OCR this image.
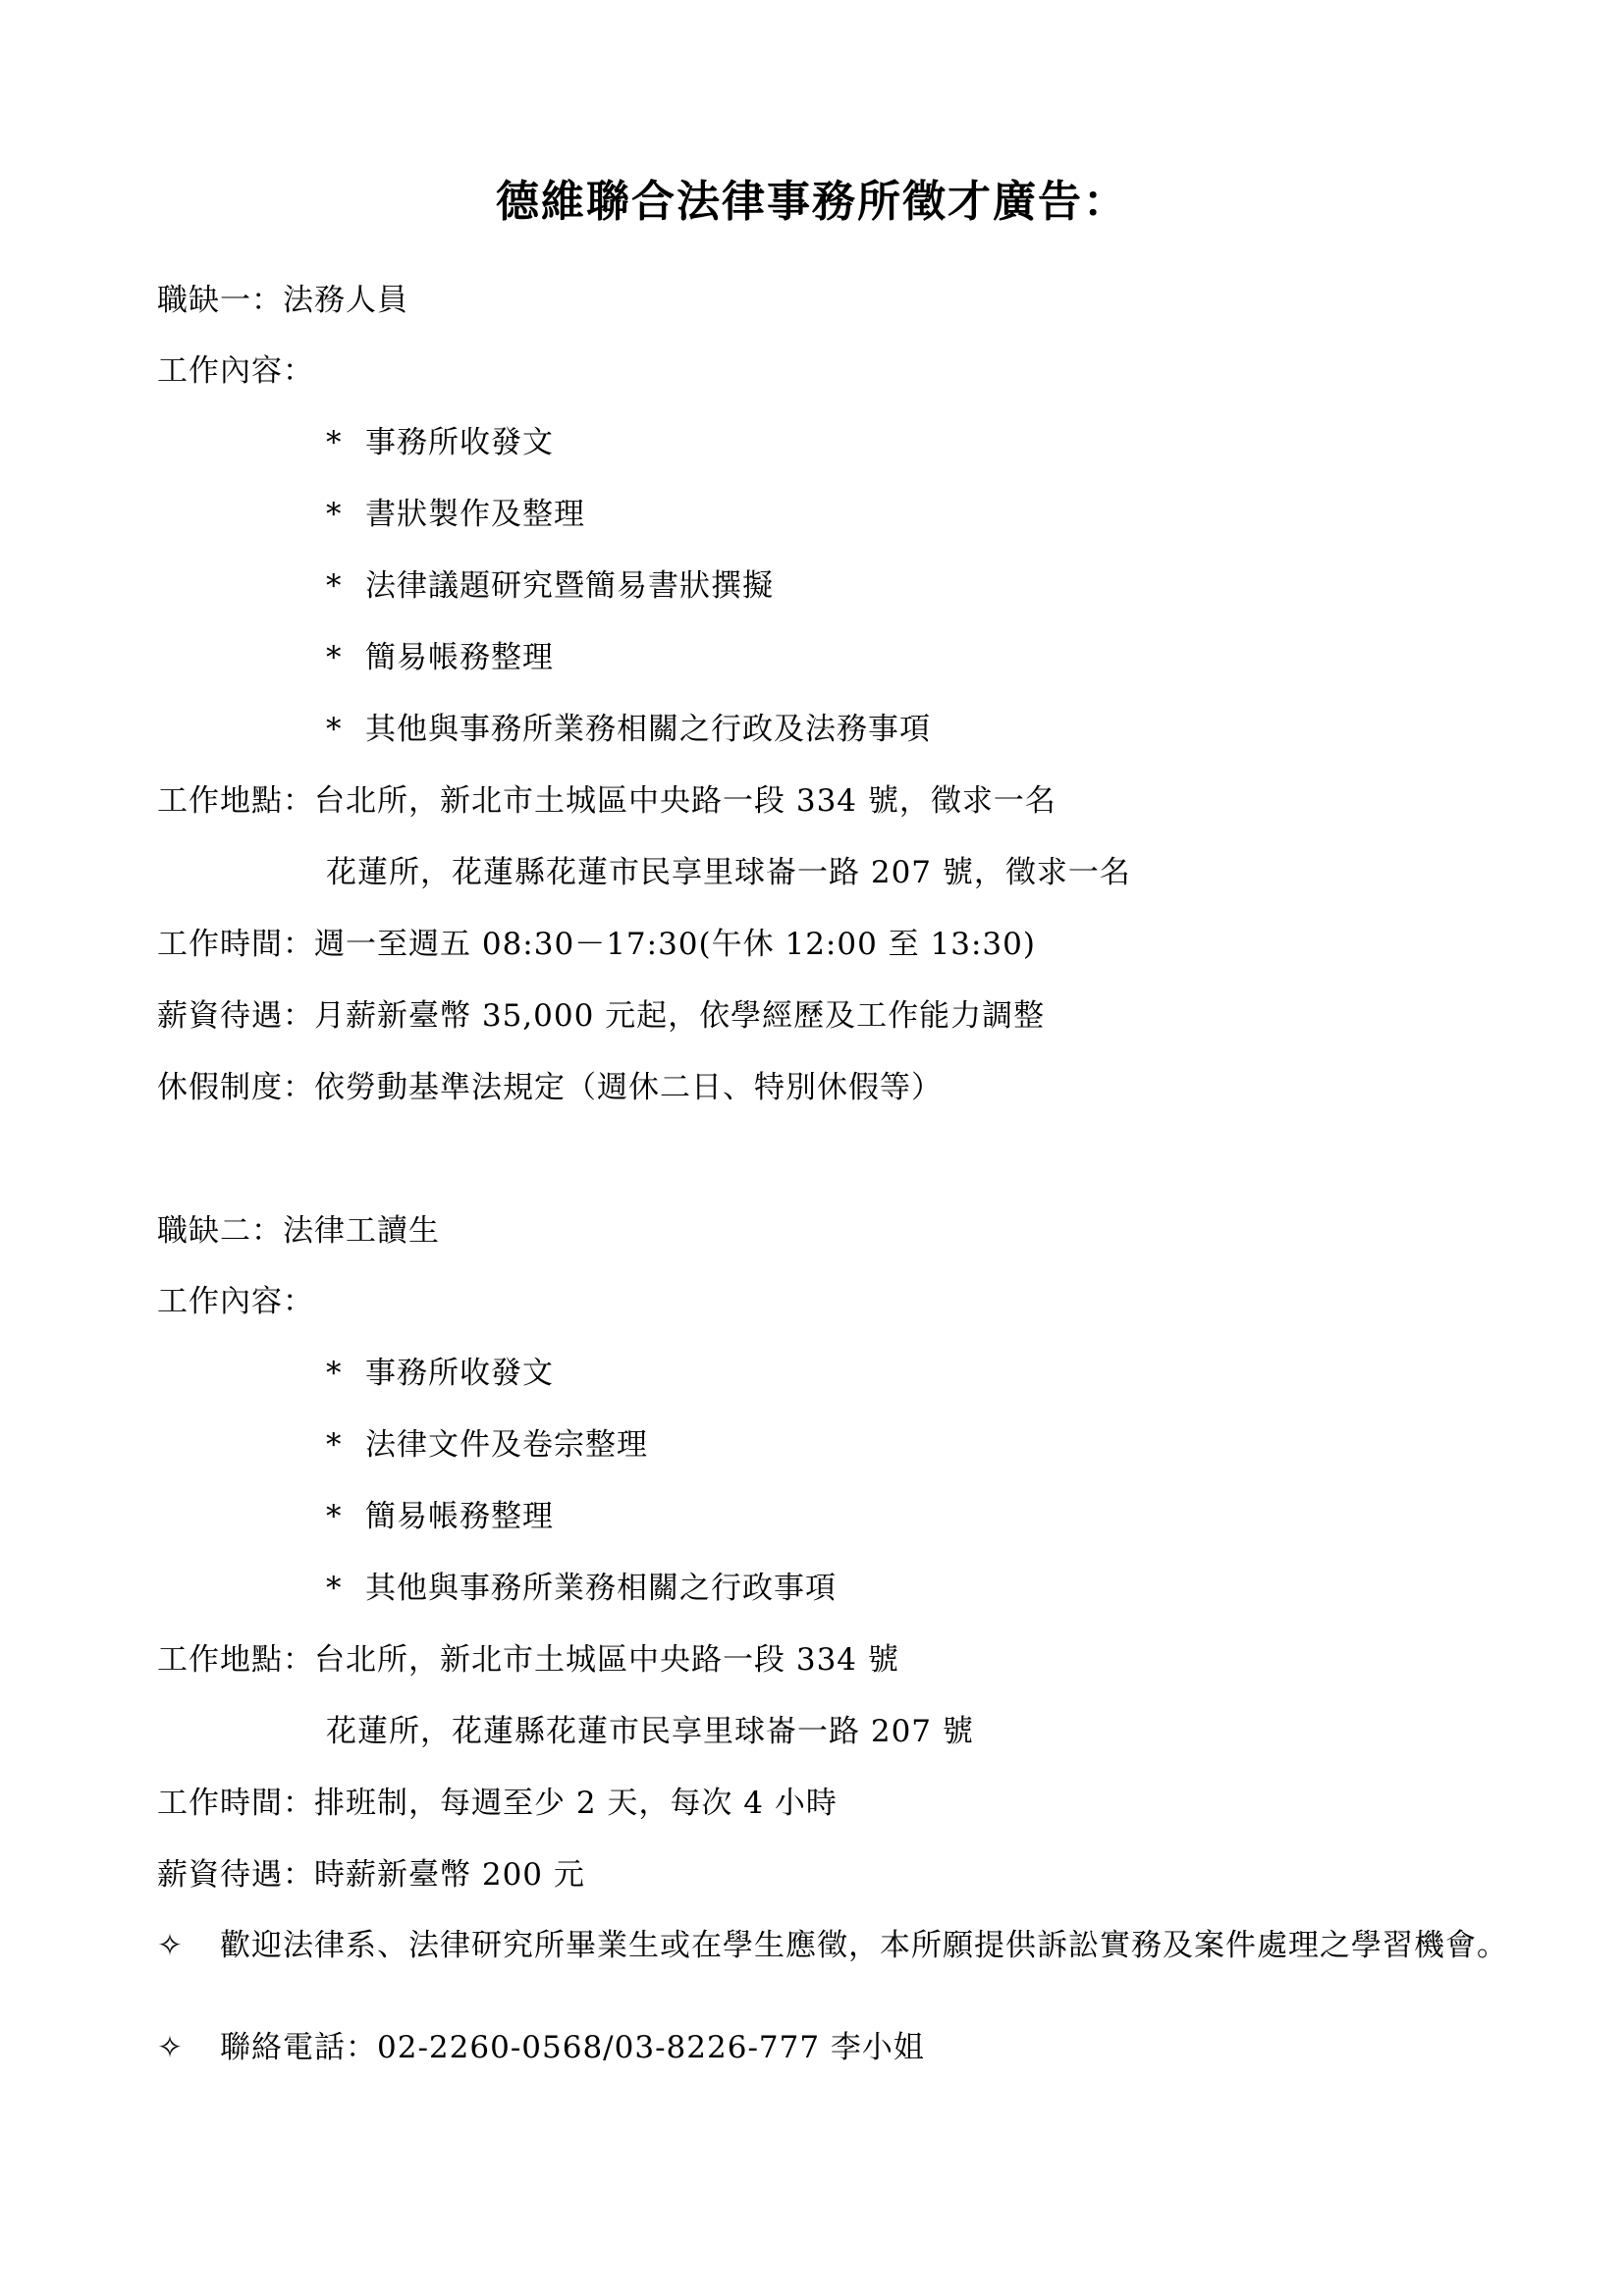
德維聯合法律事務所徵才廣告：
職缺一：法務人員
工作內容：
* 事務所收發文
* 書狀製作及整理
* 法律議題研究暨簡易書狀撰擬
* 簡易帳務整理
* 其他與事務所業務相關之行政及法務事項
工作地點：台北所，新北市土城區中央路一段 334 號，徵求一名
花蓮所，花蓮縣花蓮市民享里球崙一路 207 號，徵求一名
工作時間：週一至週五 08:30－17:30(午休 12:00 至 13:30)
薪資待遇：月薪新臺幣 35,000 元起，依學經歷及工作能力調整
休假制度：依勞動基準法規定（週休二日、特別休假等）
職缺二：法律工讀生
工作內容：
* 事務所收發文
* 法律文件及卷宗整理
* 簡易帳務整理
* 其他與事務所業務相關之行政事項
工作地點：台北所，新北市土城區中央路一段 334 號
花蓮所，花蓮縣花蓮市民享里球崙一路 207 號
工作時間：排班制，每週至少 2 天，每次 4 小時
薪資待遇：時薪新臺幣 200 元
✧	歡迎法律系、法律研究所畢業生或在學生應徵，本所願提供訴訟實務及案件處理之學習機會。
✧	聯絡電話：02-2260-0568/03-8226-777 李小姐
